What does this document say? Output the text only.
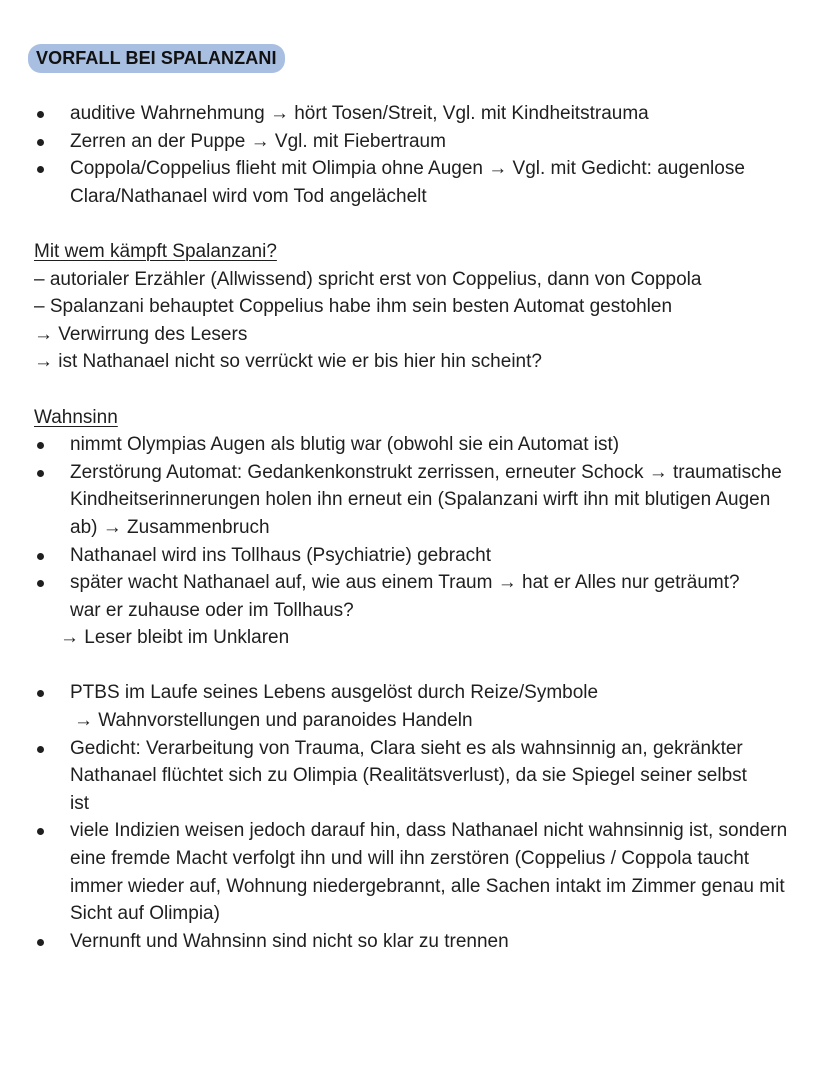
VORFALL BEI SPALANZANI
auditive Wahrnehmung → hört Tosen/Streit, Vgl. mit Kindheitstrauma
Zerren an der Puppe → Vgl. mit Fiebertraum
Coppola/Coppelius flieht mit Olimpia ohne Augen → Vgl. mit Gedicht: augenlose Clara/Nathanael wird vom Tod angelächelt
Mit wem kämpft Spalanzani?
– autorialer Erzähler (Allwissend) spricht erst von Coppelius, dann von Coppola
– Spalanzani behauptet Coppelius habe ihm sein besten Automat gestohlen
→ Verwirrung des Lesers
→ ist Nathanael nicht so verrückt wie er bis hier hin scheint?
Wahnsinn
nimmt Olympias Augen als blutig war (obwohl sie ein Automat ist)
Zerstörung Automat: Gedankenkonstrukt zerrissen, erneuter Schock → traumatische Kindheitserinnerungen holen ihn erneut ein (Spalanzani wirft ihn mit blutigen Augen ab) → Zusammenbruch
Nathanael wird ins Tollhaus (Psychiatrie) gebracht
später wacht Nathanael auf, wie aus einem Traum → hat er Alles nur geträumt? war er zuhause oder im Tollhaus?
→ Leser bleibt im Unklaren
PTBS im Laufe seines Lebens ausgelöst durch Reize/Symbole
→ Wahnvorstellungen und paranoides Handeln
Gedicht: Verarbeitung von Trauma, Clara sieht es als wahnsinnig an, gekränkter Nathanael flüchtet sich zu Olimpia (Realitätsverlust), da sie Spiegel seiner selbst ist
viele Indizien weisen jedoch darauf hin, dass Nathanael nicht wahnsinnig ist, sondern eine fremde Macht verfolgt ihn und will ihn zerstören (Coppelius / Coppola taucht immer wieder auf, Wohnung niedergebrannt, alle Sachen intakt im Zimmer genau mit Sicht auf Olimpia)
Vernunft und Wahnsinn sind nicht so klar zu trennen
